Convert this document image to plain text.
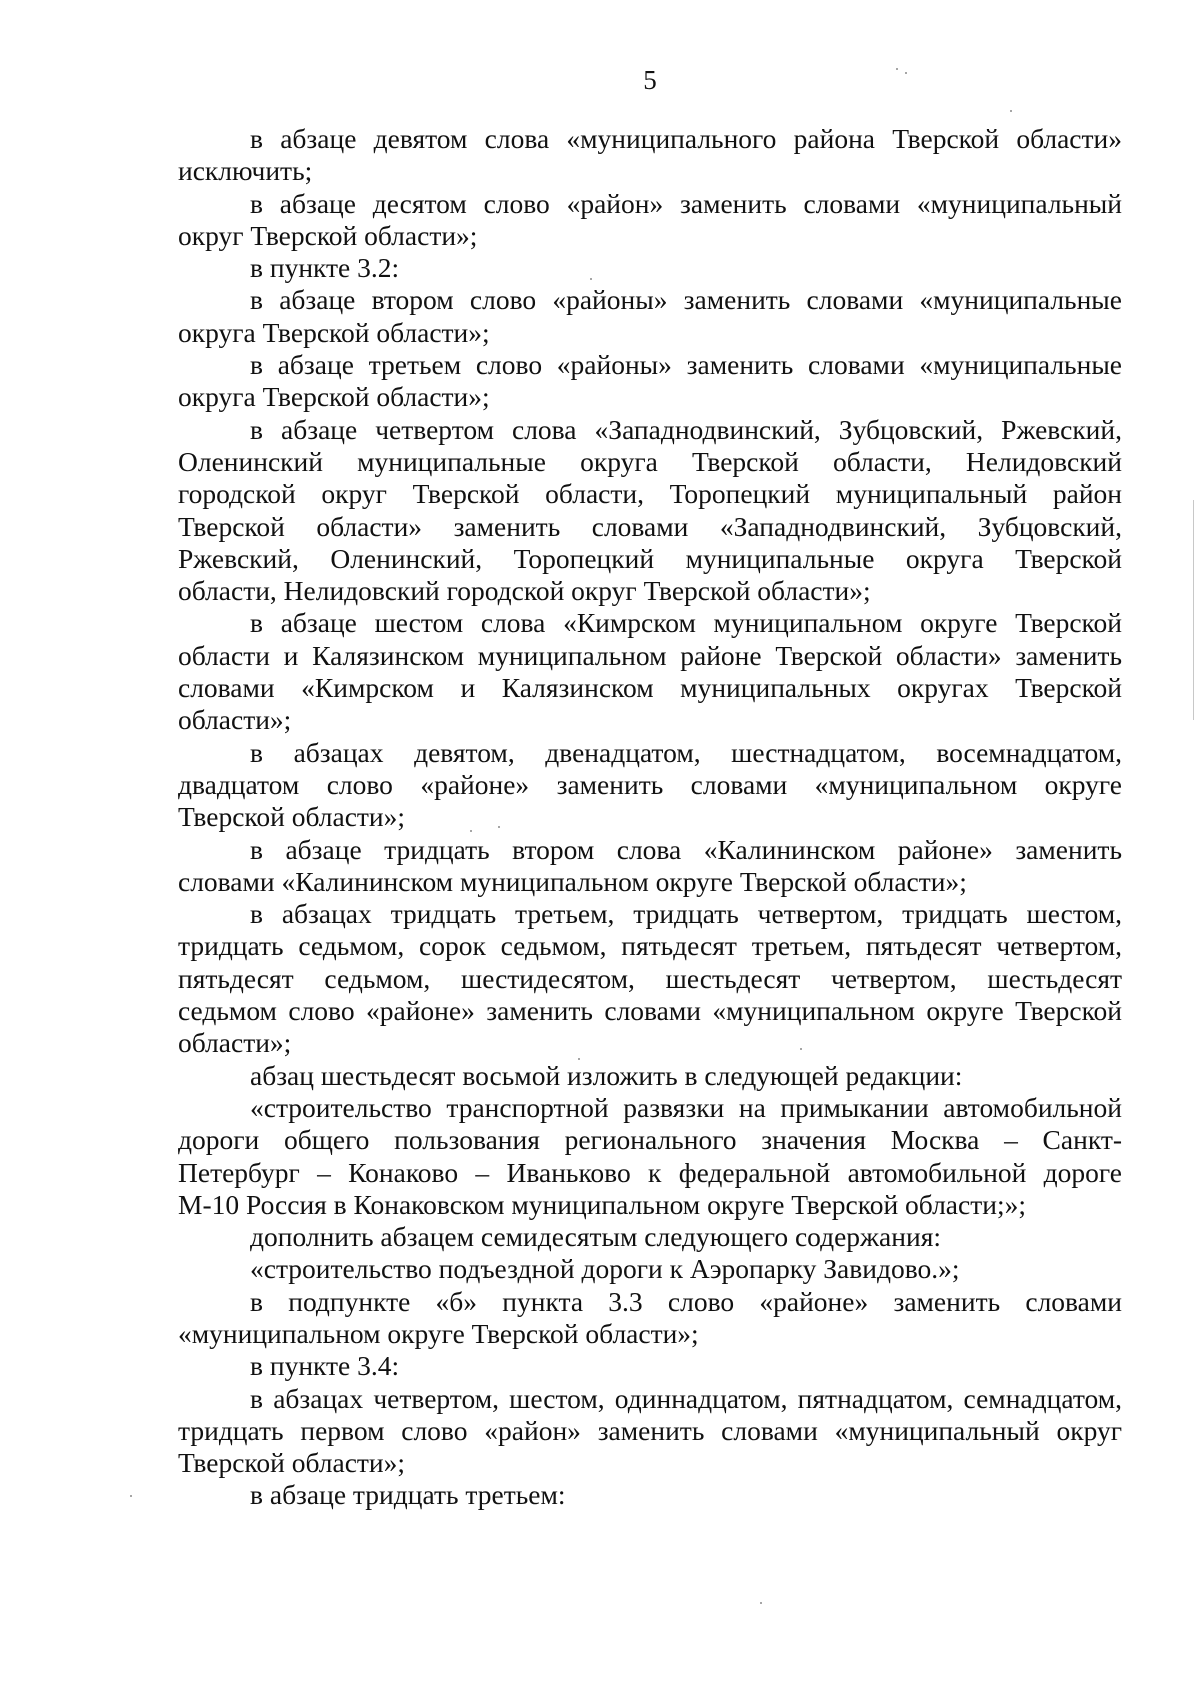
5

в абзаце девятом слова «муниципального района Тверской области»
исключить;

в абзаце десятом слово «район» заменить словами «муниципальный
округ Тверской области»;

в пункте 3.2:

в абзаце втором слово «районы» заменить словами «муниципальные
округа Тверской области»;

в абзаце третьем слово «районы» заменить словами «муниципальные
округа Тверской области»;

в абзаце четвертом слова «Западнодвинский, Зубцовский, Ржевский,
Оленинский муниципальные округа Тверской области, Нелидовский
городской округ Тверской области, Торопецкий муниципальный район
Тверской области» заменить словами «Западнодвинский, Зубцовский,
Ржевский, Оленинский, Торопецкий муниципальные округа Тверской
области, Нелидовский городской округ Тверской области»;

в абзаце шестом слова «Кимрском муниципальном округе Тверской
области и Калязинском муниципальном районе Тверской области» заменить
словами «Кимрском и Калязинском муниципальных округах Тверской
области»;

в абзацах девятом, двенадцатом, шестнадцатом, восемнадцатом,
двадцатом слово «районе» заменить словами «муниципальном округе
Тверской области»;

в абзаце тридцать втором слова «Калининском районе» заменить
словами «Калининском муниципальном округе Тверской области»;

в абзацах тридцать третьем, тридцать четвертом, тридцать шестом,
тридцать седьмом, сорок седьмом, пятьдесят третьем, пятьдесят четвертом,
пятьдесят седьмом, шестидесятом, шестьдесят четвертом, шестьдесят
седьмом слово «районе» заменить словами «муниципальном округе Тверской
области»;

абзац шестьдесят восьмой изложить в следующей редакции:

«строительство транспортной развязки на примыкании автомобильной
дороги общего пользования регионального значения Москва – Санкт-
Петербург – Конаково – Иваньково к федеральной автомобильной дороге
М-10 Россия в Конаковском муниципальном округе Тверской области;»;

дополнить абзацем семидесятым следующего содержания:

«строительство подъездной дороги к Аэропарку Завидово.»;

в подпункте «б» пункта 3.3 слово «районе» заменить словами
«муниципальном округе Тверской области»;

в пункте 3.4:

в абзацах четвертом, шестом, одиннадцатом, пятнадцатом, семнадцатом,
тридцать первом слово «район» заменить словами «муниципальный округ
Тверской области»;

в абзаце тридцать третьем:
